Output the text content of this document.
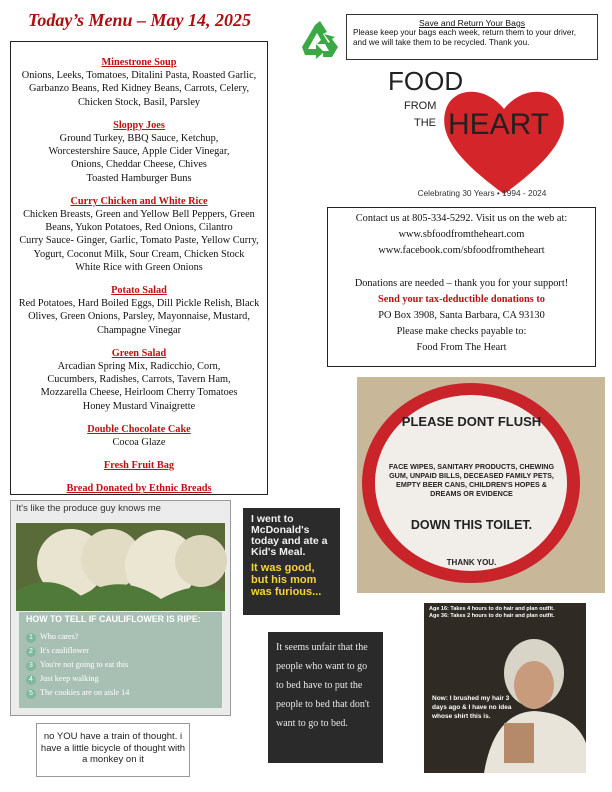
Today’s Menu – May 14, 2025
Minestrone Soup
Onions, Leeks, Tomatoes, Ditalini Pasta, Roasted Garlic,
Garbanzo Beans, Red Kidney Beans, Carrots, Celery,
Chicken Stock, Basil, Parsley
Sloppy Joes
Ground Turkey, BBQ Sauce, Ketchup,
Worcestershire Sauce, Apple Cider Vinegar,
Onions, Cheddar Cheese, Chives
Toasted Hamburger Buns
Curry Chicken and White Rice
Chicken Breasts, Green and Yellow Bell Peppers, Green
Beans, Yukon Potatoes, Red Onions, Cilantro
Curry Sauce- Ginger, Garlic, Tomato Paste, Yellow Curry,
Yogurt, Coconut Milk, Sour Cream, Chicken Stock
White Rice with Green Onions
Potato Salad
Red Potatoes, Hard Boiled Eggs, Dill Pickle Relish, Black
Olives, Green Onions, Parsley, Mayonnaise, Mustard,
Champagne Vinegar
Green Salad
Arcadian Spring Mix, Radicchio, Corn,
Cucumbers, Radishes, Carrots, Tavern Ham,
Mozzarella Cheese, Heirloom Cherry Tomatoes
Honey Mustard Vinaigrette
Double Chocolate Cake
Cocoa Glaze
Fresh Fruit Bag
Bread Donated by Ethnic Breads
Save and Return Your Bags
Please keep your bags each week, return them to your driver, and we will take them to be recycled. Thank you.
FOOD
FROM
THE HEART
Celebrating 30 Years • 1994 - 2024
Contact us at 805-334-5292. Visit us on the web at:
www.sbfoodfromtheheart.com
www.facebook.com/sbfoodfromtheheart
Donations are needed – thank you for your support!
Send your tax-deductible donations to
PO Box 3908, Santa Barbara, CA 93130
Please make checks payable to:
Food From The Heart
PLEASE DONT FLUSH
FACE WIPES, SANITARY PRODUCTS, CHEWING GUM, UNPAID BILLS, DECEASED FAMILY PETS, EMPTY BEER CANS, CHILDREN'S HOPES & DREAMS OR EVIDENCE
DOWN THIS TOILET.
THANK YOU.
It's like the produce guy knows me
HOW TO TELL IF CAULIFLOWER IS RIPE:
1 Who cares?
2 It's cauliflower
3 You're not going to eat this
4 Just keep walking
5 The cookies are on aisle 14
no YOU have a train of thought. i have a little bicycle of thought with a monkey on it
I went to McDonald's today and ate a Kid's Meal.
It was good, but his mom was furious...
It seems unfair that the people who want to go to bed have to put the people to bed that don't want to go to bed.
Age 16: Takes 4 hours to do hair and plan outfit.
Age 36: Takes 2 hours to do hair and plan outfit.
Now: I brushed my hair 3 days ago & I have no idea whose shirt this is.
